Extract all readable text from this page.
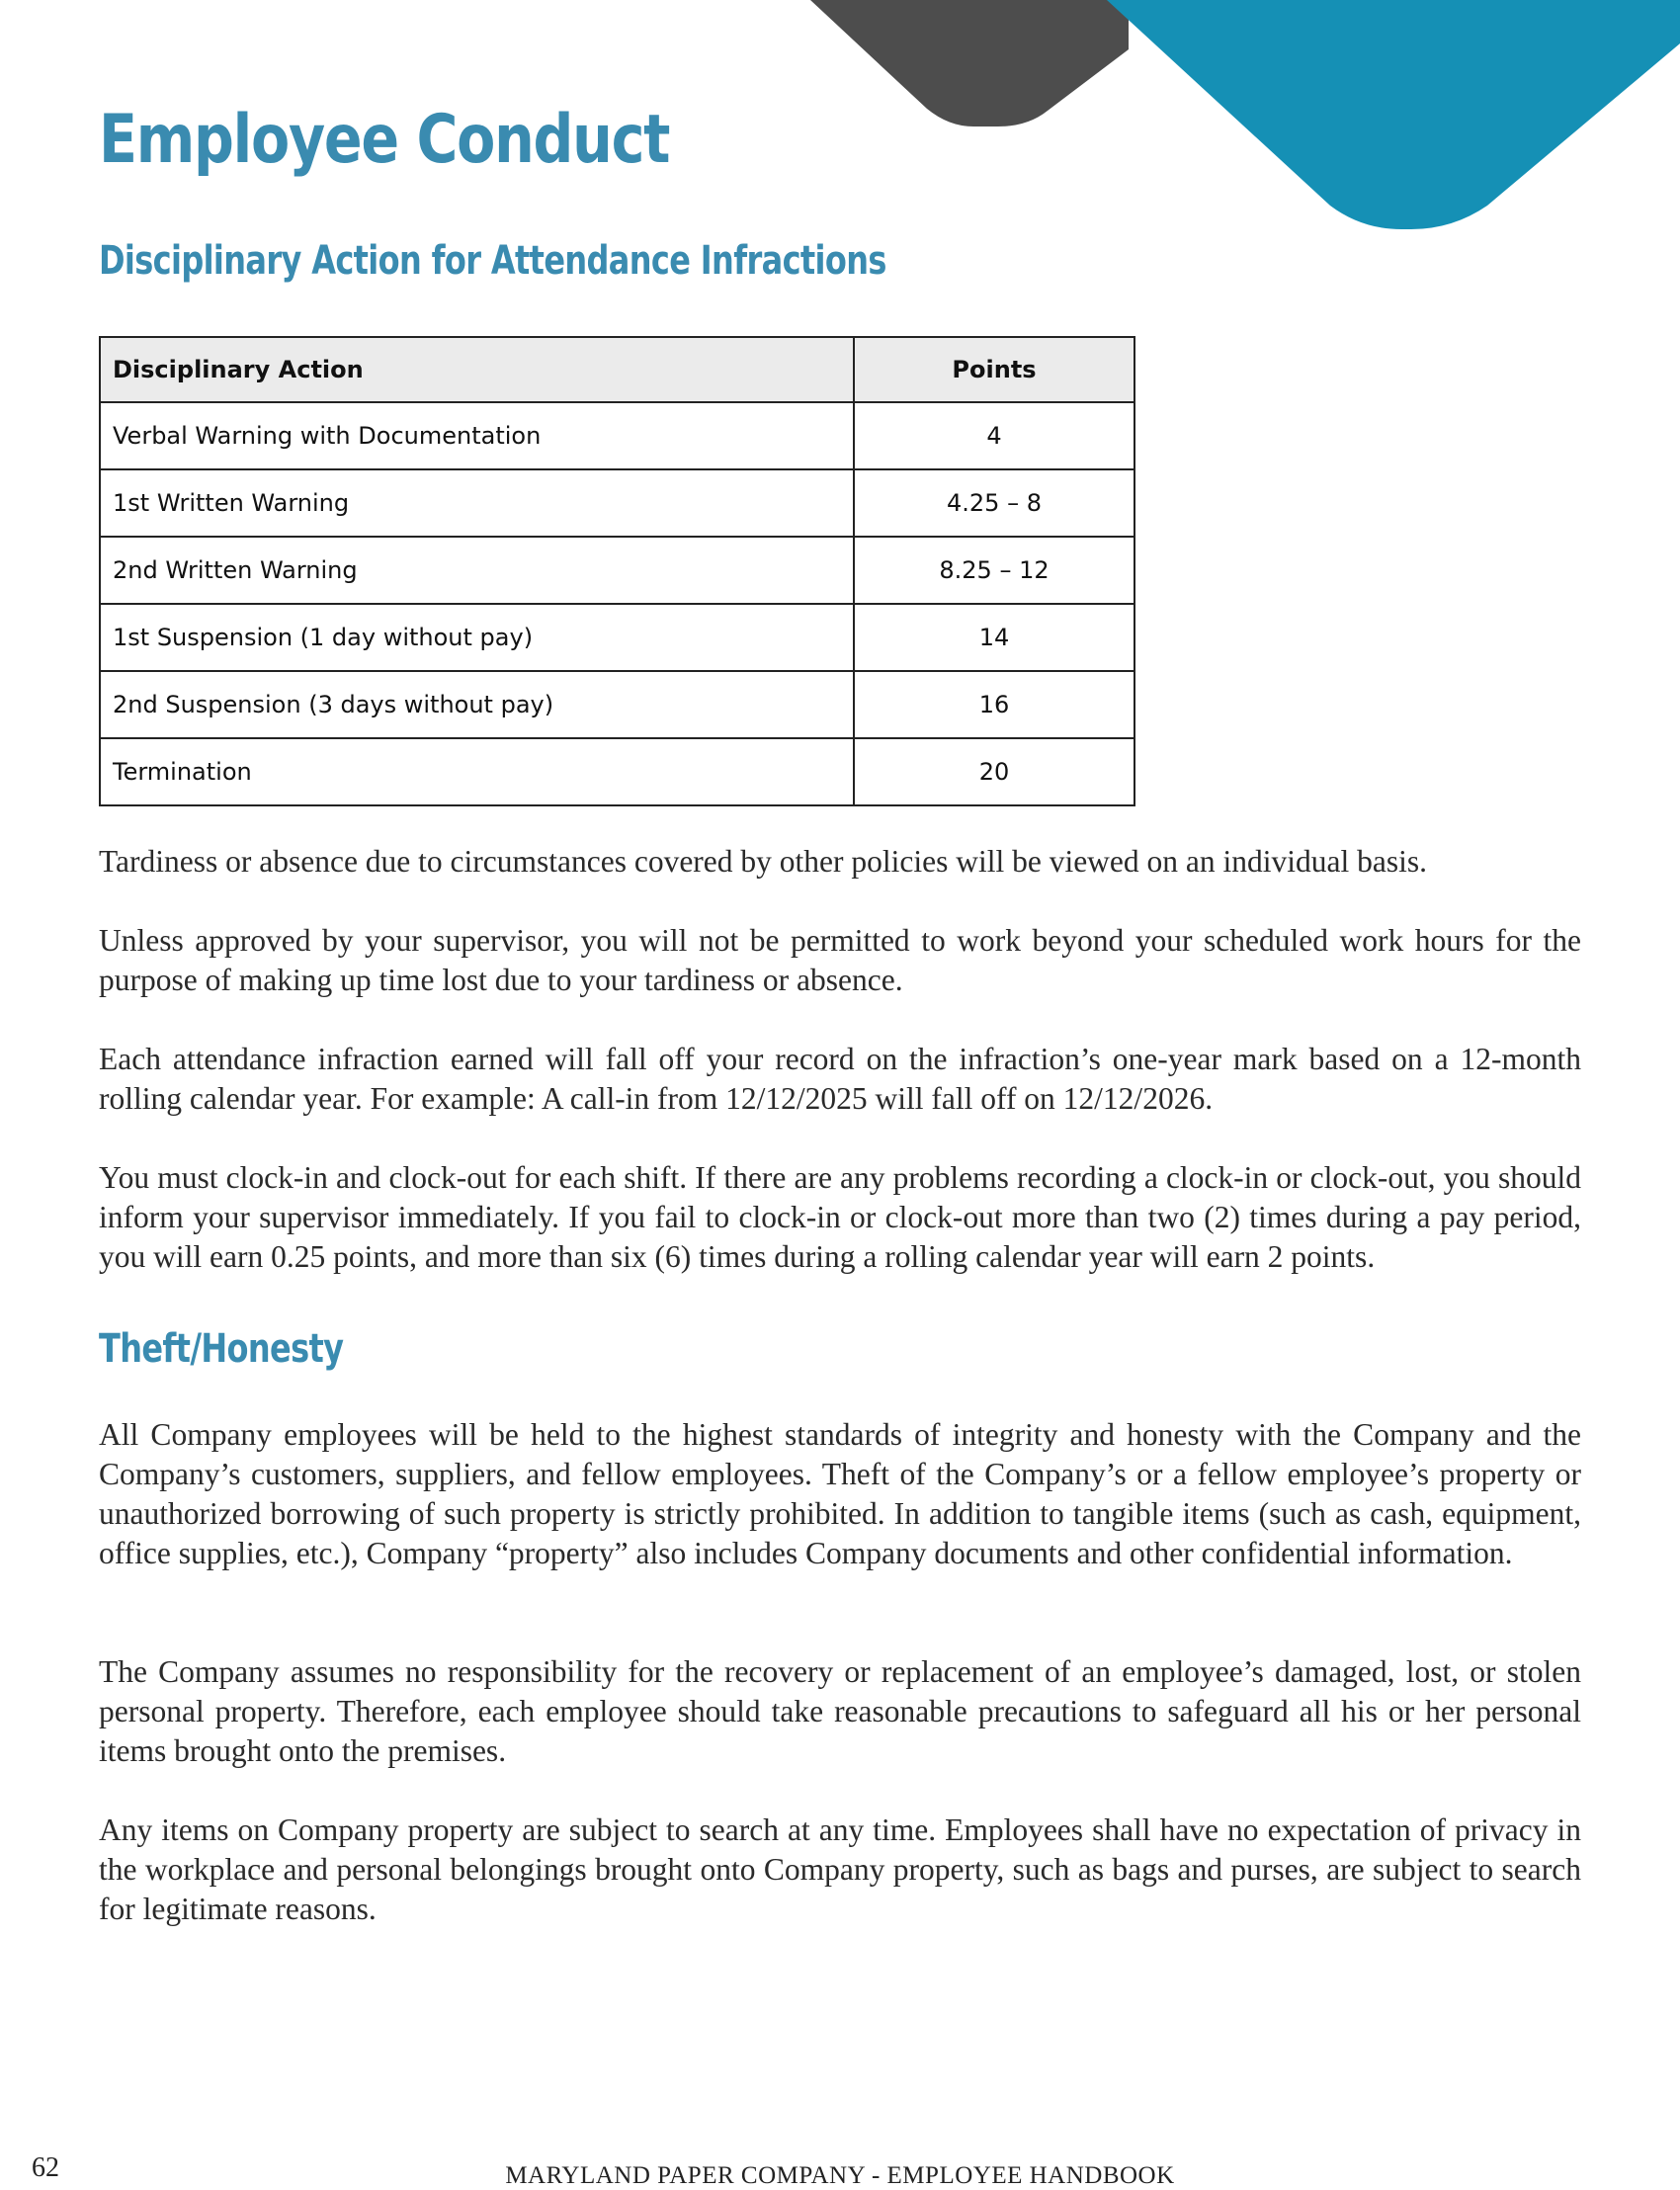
Employee Conduct
Disciplinary Action for Attendance Infractions
Disciplinary Action	Points
Verbal Warning with Documentation	4
1st Written Warning	4.25 – 8
2nd Written Warning	8.25 – 12
1st Suspension (1 day without pay)	14
2nd Suspension (3 days without pay)	16
Termination	20

Tardiness or absence due to circumstances covered by other policies will be viewed on an individual basis.

Unless approved by your supervisor, you will not be permitted to work beyond your scheduled work hours for the purpose of making up time lost due to your tardiness or absence.

Each attendance infraction earned will fall off your record on the infraction’s one-year mark based on a 12-month rolling calendar year. For example: A call-in from 12/12/2025 will fall off on 12/12/2026.

You must clock-in and clock-out for each shift. If there are any problems recording a clock-in or clock-out, you should inform your supervisor immediately. If you fail to clock-in or clock-out more than two (2) times during a pay period, you will earn 0.25 points, and more than six (6) times during a rolling calendar year will earn 2 points.

Theft/Honesty

All Company employees will be held to the highest standards of integrity and honesty with the Company and the Company’s customers, suppliers, and fellow employees. Theft of the Company’s or a fellow employee’s property or unauthorized borrowing of such property is strictly prohibited. In addition to tangible items (such as cash, equipment, office supplies, etc.), Company “property” also includes Company documents and other confidential information.

The Company assumes no responsibility for the recovery or replacement of an employee’s damaged, lost, or stolen personal property. Therefore, each employee should take reasonable precautions to safeguard all his or her personal items brought onto the premises.

Any items on Company property are subject to search at any time. Employees shall have no expectation of privacy in the workplace and personal belongings brought onto Company property, such as bags and purses, are subject to search for legitimate reasons.

62	MARYLAND PAPER COMPANY - EMPLOYEE HANDBOOK
